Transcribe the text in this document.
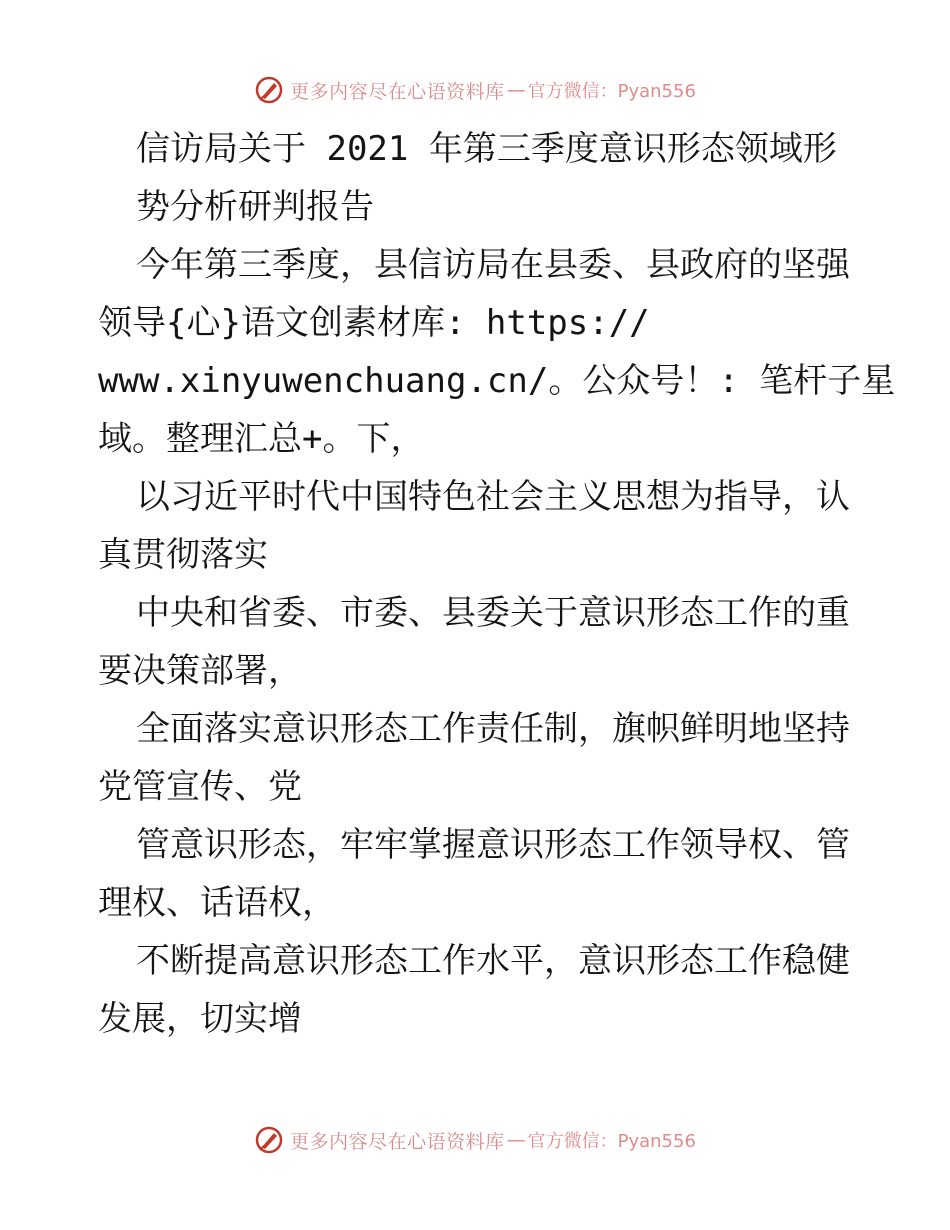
更多内容尽在心语资料库 — 官方微信：Pyan556
信访局关于 2021 年第三季度意识形态领域形
势分析研判报告
今年第三季度，县信访局在县委、县政府的坚强
领导{心}语文创素材库: https://
www.xinyuwenchuang.cn/。公众号！: 笔杆子星
域。整理汇总+。下，
以习近平时代中国特色社会主义思想为指导，认
真贯彻落实
中央和省委、市委、县委关于意识形态工作的重
要决策部署，
全面落实意识形态工作责任制，旗帜鲜明地坚持
党管宣传、党
管意识形态，牢牢掌握意识形态工作领导权、管
理权、话语权，
不断提高意识形态工作水平，意识形态工作稳健
发展，切实增
更多内容尽在心语资料库 — 官方微信：Pyan556
